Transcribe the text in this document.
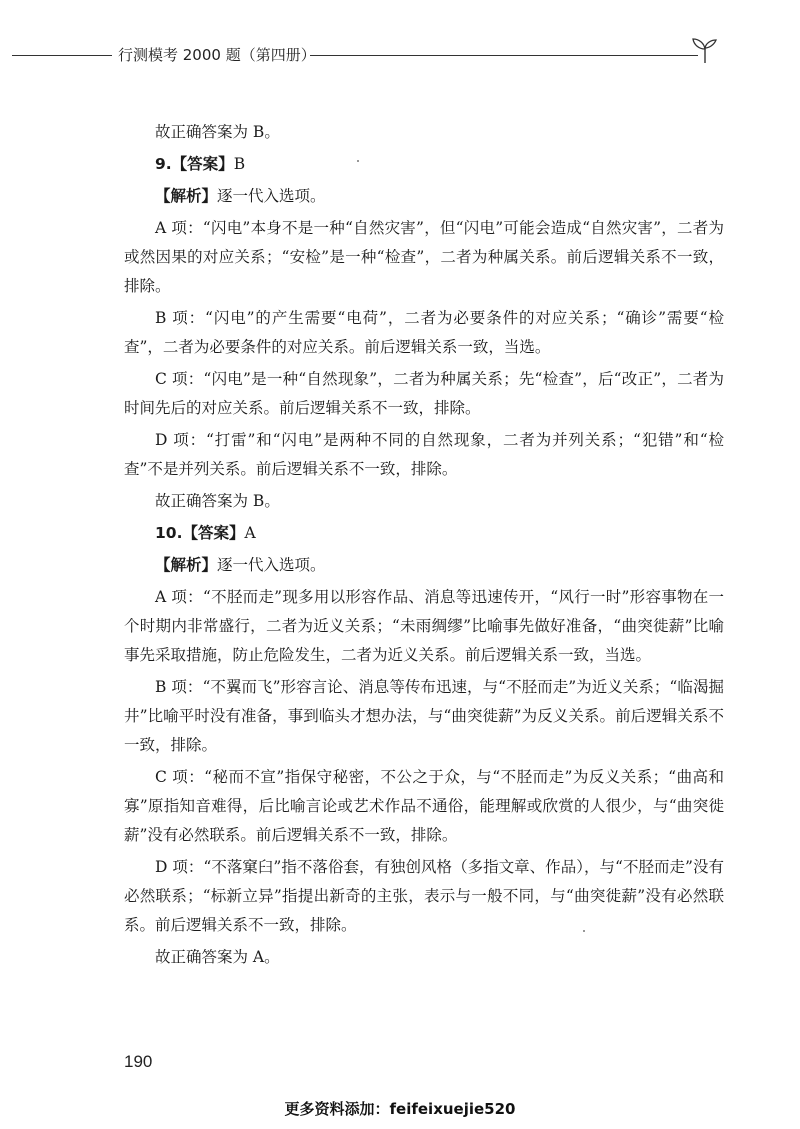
行测模考 2000 题（第四册）

故正确答案为 B。

9.【答案】B

【解析】逐一代入选项。

A 项：“闪电”本身不是一种“自然灾害”，但“闪电”可能会造成“自然灾害”，二者为或然因果的对应关系；“安检”是一种“检查”，二者为种属关系。前后逻辑关系不一致，排除。

B 项：“闪电”的产生需要“电荷”，二者为必要条件的对应关系；“确诊”需要“检查”，二者为必要条件的对应关系。前后逻辑关系一致，当选。

C 项：“闪电”是一种“自然现象”，二者为种属关系；先“检查”，后“改正”，二者为时间先后的对应关系。前后逻辑关系不一致，排除。

D 项：“打雷”和“闪电”是两种不同的自然现象，二者为并列关系；“犯错”和“检查”不是并列关系。前后逻辑关系不一致，排除。

故正确答案为 B。

10.【答案】A

【解析】逐一代入选项。

A 项：“不胫而走”现多用以形容作品、消息等迅速传开，“风行一时”形容事物在一个时期内非常盛行，二者为近义关系；“未雨绸缪”比喻事先做好准备，“曲突徙薪”比喻事先采取措施，防止危险发生，二者为近义关系。前后逻辑关系一致，当选。

B 项：“不翼而飞”形容言论、消息等传布迅速，与“不胫而走”为近义关系；“临渴掘井”比喻平时没有准备，事到临头才想办法，与“曲突徙薪”为反义关系。前后逻辑关系不一致，排除。

C 项：“秘而不宣”指保守秘密，不公之于众，与“不胫而走”为反义关系；“曲高和寡”原指知音难得，后比喻言论或艺术作品不通俗，能理解或欣赏的人很少，与“曲突徙薪”没有必然联系。前后逻辑关系不一致，排除。

D 项：“不落窠臼”指不落俗套，有独创风格（多指文章、作品），与“不胫而走”没有必然联系；“标新立异”指提出新奇的主张，表示与一般不同，与“曲突徙薪”没有必然联系。前后逻辑关系不一致，排除。

故正确答案为 A。

190
更多资料添加：feifeixuejie520
